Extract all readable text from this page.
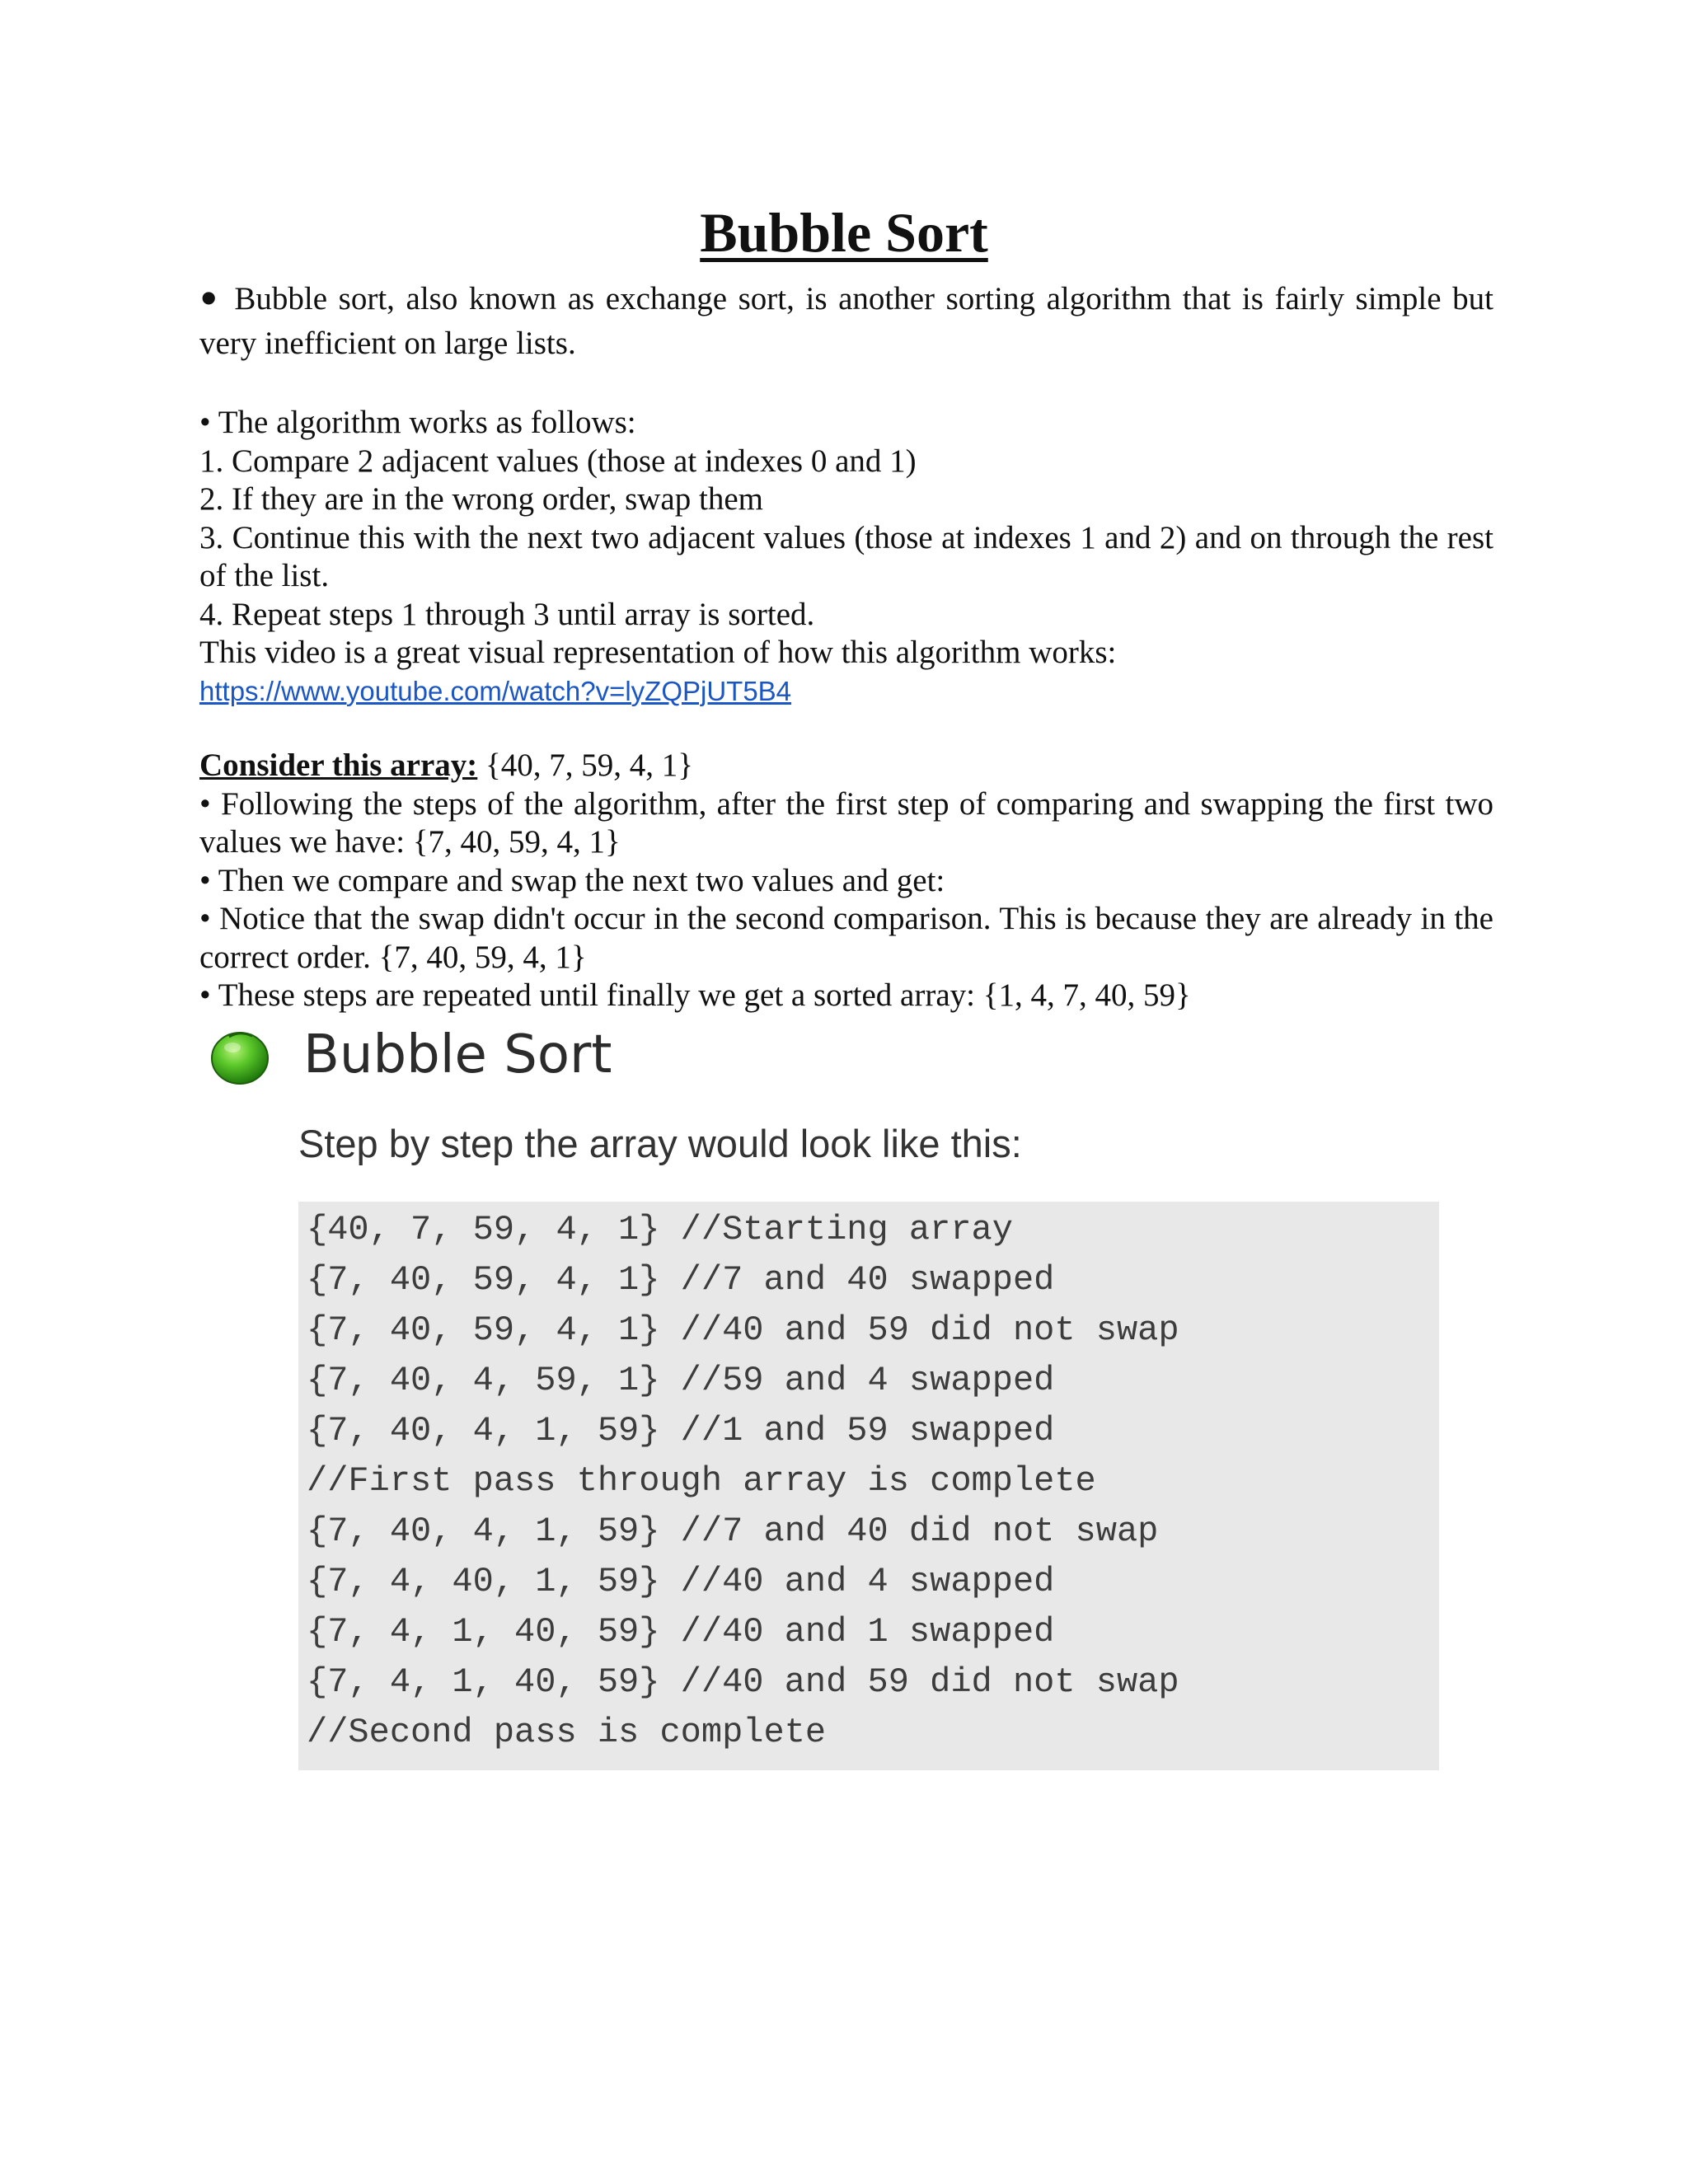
Bubble Sort

• Bubble sort, also known as exchange sort, is another sorting algorithm that is fairly simple but very inefficient on large lists.

• The algorithm works as follows:
1. Compare 2 adjacent values (those at indexes 0 and 1)
2. If they are in the wrong order, swap them
3. Continue this with the next two adjacent values (those at indexes 1 and 2) and on through the rest of the list.
4. Repeat steps 1 through 3 until array is sorted.
This video is a great visual representation of how this algorithm works:
https://www.youtube.com/watch?v=lyZQPjUT5B4
Consider this array: {40, 7, 59, 4, 1}
• Following the steps of the algorithm, after the first step of comparing and swapping the first two values we have: {7, 40, 59, 4, 1}
• Then we compare and swap the next two values and get:
• Notice that the swap didn't occur in the second comparison. This is because they are already in the correct order. {7, 40, 59, 4, 1}
• These steps are repeated until finally we get a sorted array: {1, 4, 7, 40, 59}
Bubble Sort
Step by step the array would look like this:
{40, 7, 59, 4, 1} //Starting array
{7, 40, 59, 4, 1} //7 and 40 swapped
{7, 40, 59, 4, 1} //40 and 59 did not swap
{7, 40, 4, 59, 1} //59 and 4 swapped
{7, 40, 4, 1, 59} //1 and 59 swapped
//First pass through array is complete
{7, 40, 4, 1, 59} //7 and 40 did not swap
{7, 4, 40, 1, 59} //40 and 4 swapped
{7, 4, 1, 40, 59} //40 and 1 swapped
{7, 4, 1, 40, 59} //40 and 59 did not swap
//Second pass is complete
